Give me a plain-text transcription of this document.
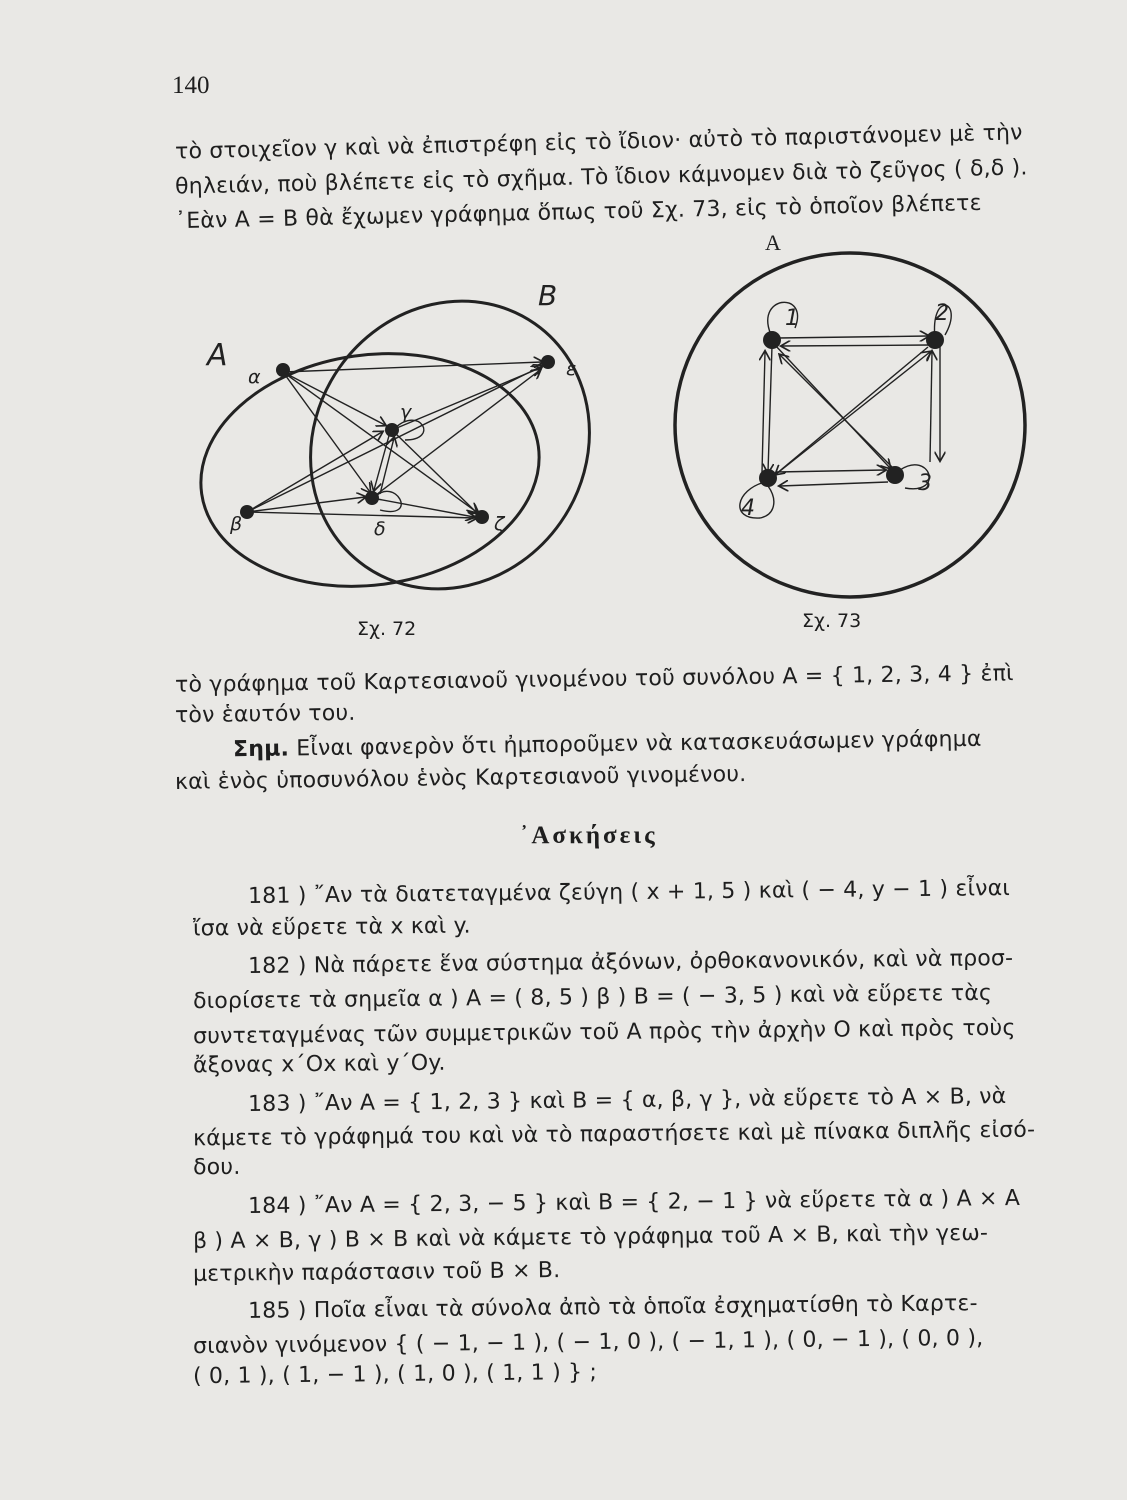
140
τὸ στοιχεῖον γ καὶ νὰ ἐπιστρέφη εἰς τὸ ἴδιον· αὐτὸ τὸ παριστάνομεν μὲ τὴν
θηλειάν, ποὺ βλέπετε εἰς τὸ σχῆμα. Τὸ ἴδιον κάμνομεν διὰ τὸ ζεῦγος ( δ,δ ).
᾿Εὰν Α = Β θὰ ἔχωμεν γράφημα ὅπως τοῦ Σχ. 73, εἰς τὸ ὁποῖον βλέπετε
A
B
α
β
γ
δ
ε
ζ
A
1	2
3
4
Σχ. 72	Σχ. 73
τὸ γράφημα τοῦ Καρτεσιανοῦ γινομένου τοῦ συνόλου Α = { 1, 2, 3, 4 } ἐπὶ
τὸν ἑαυτόν του.
Σημ. Εἶναι φανερὸν ὅτι ἠμποροῦμεν νὰ κατασκευάσωμεν γράφημα
καὶ ἑνὸς ὑποσυνόλου ἑνὸς Καρτεσιανοῦ γινομένου.
᾿Ασκήσεις
181 ) ῎Αν τὰ διατεταγμένα ζεύγη ( x + 1, 5 ) καὶ ( − 4, y − 1 ) εἶναι
ἴσα νὰ εὕρετε τὰ x καὶ y.
182 ) Νὰ πάρετε ἕνα σύστημα ἀξόνων, ὀρθοκανονικόν, καὶ νὰ προσ-
διορίσετε τὰ σημεῖα α ) Α = ( 8, 5 ) β ) Β = ( − 3, 5 ) καὶ νὰ εὕρετε τὰς
συντεταγμένας τῶν συμμετρικῶν τοῦ Α πρὸς τὴν ἀρχὴν Ο καὶ πρὸς τοὺς
ἄξονας x΄Ox καὶ y΄Oy.
183 ) ῎Αν Α = { 1, 2, 3 } καὶ Β = { α, β, γ }, νὰ εὕρετε τὸ Α × Β, νὰ
κάμετε τὸ γράφημά του καὶ νὰ τὸ παραστήσετε καὶ μὲ πίνακα διπλῆς εἰσό-
δου.
184 ) ῎Αν Α = { 2, 3, − 5 } καὶ Β = { 2, − 1 } νὰ εὕρετε τὰ α ) Α × Α
β ) Α × Β, γ ) Β × Β καὶ νὰ κάμετε τὸ γράφημα τοῦ Α × Β, καὶ τὴν γεω-
μετρικὴν παράστασιν τοῦ Β × Β.
185 ) Ποῖα εἶναι τὰ σύνολα ἀπὸ τὰ ὁποῖα ἐσχηματίσθη τὸ Καρτε-
σιανὸν γινόμενον { ( − 1, − 1 ), ( − 1, 0 ), ( − 1, 1 ), ( 0, − 1 ), ( 0, 0 ),
( 0, 1 ), ( 1, − 1 ), ( 1, 0 ), ( 1, 1 ) } ;
